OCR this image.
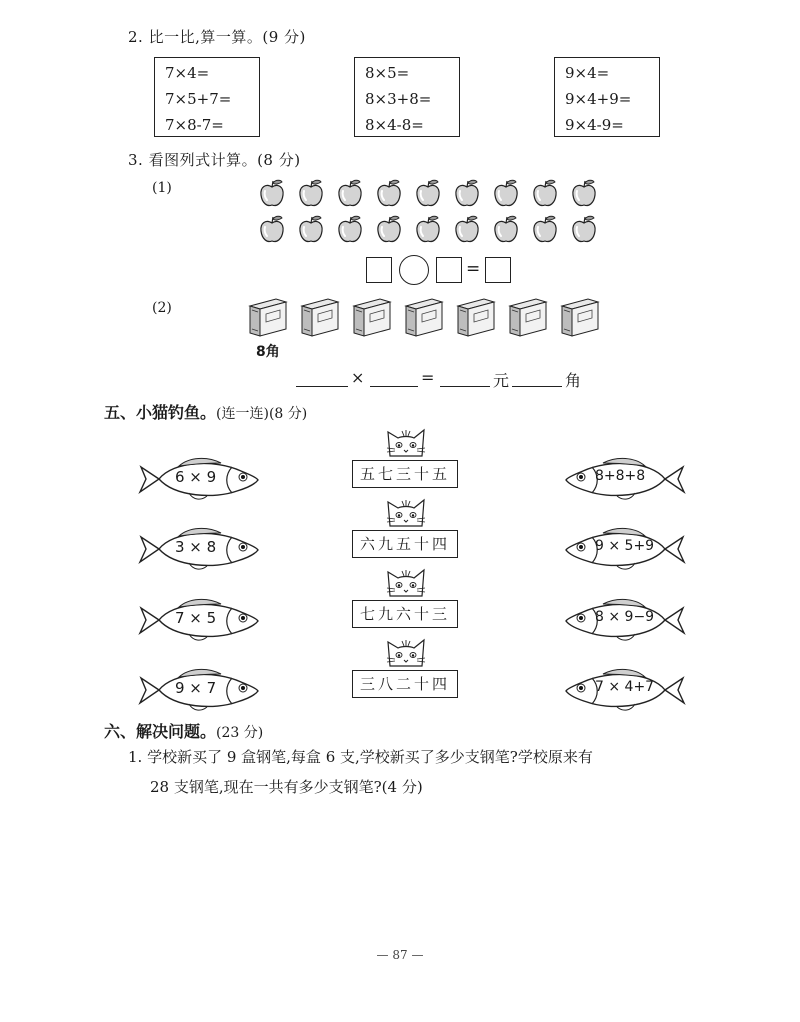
2. 比一比,算一算。(9 分)
7×4=
7×5+7=
7×8-7=
8×5=
8×3+8=
8×4-8=
9×4=
9×4+9=
9×4-9=
3. 看图列式计算。(8 分)
(1)
=
(2)
8角
×	=	元	角
五、小猫钓鱼。(连一连)(8 分)
6 × 9
3 × 8
7 × 5
9 × 7
五七三十五
六九五十四
七九六十三
三八二十四
8+8+8
9 × 5+9
8 × 9−9
7 × 4+7
六、解决问题。(23 分)
1. 学校新买了 9 盒钢笔,每盒 6 支,学校新买了多少支钢笔?学校原来有
28 支钢笔,现在一共有多少支钢笔?(4 分)
— 87 —
